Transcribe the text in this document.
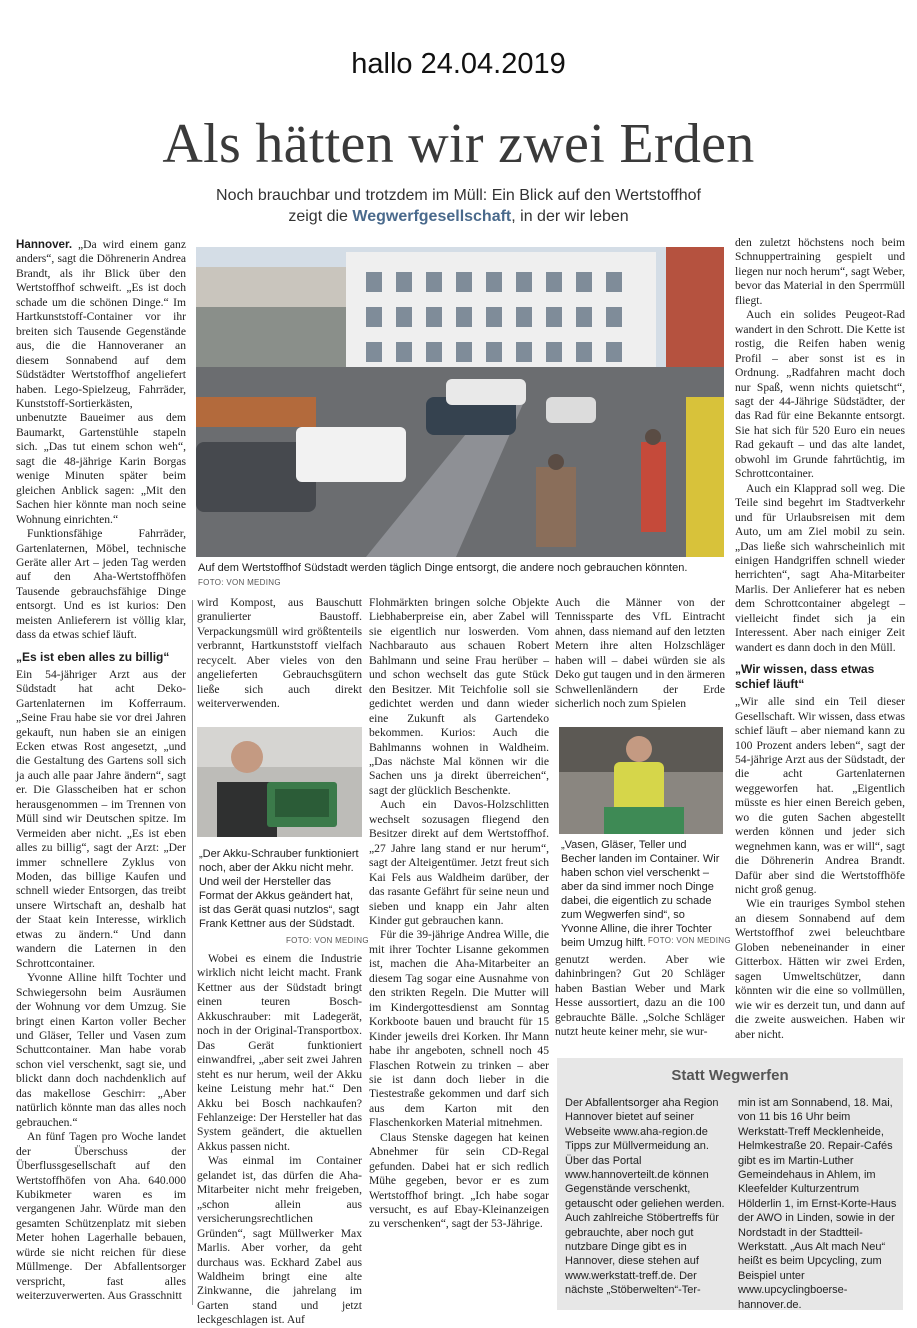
hallo 24.04.2019
Als hätten wir zwei Erden
Noch brauchbar und trotzdem im Müll: Ein Blick auf den Wertstoffhof
zeigt die Wegwerfgesellschaft, in der wir leben

Hannover. „Da wird einem ganz anders“, sagt die Döhrenerin Andrea Brandt, als ihr Blick über den Wertstoffhof schweift. „Es ist doch schade um die schönen Dinge.“ Im Hartkunststoff-Container vor ihr breiten sich Tausende Gegenstände aus, die die Hannoveraner an diesem Sonnabend auf dem Südstädter Wertstoffhof angeliefert haben. Lego-Spielzeug, Fahrräder, Kunststoff-Sortierkästen, unbenutzte Baueimer aus dem Baumarkt, Gartenstühle stapeln sich. „Das tut einem schon weh“, sagt die 48-jährige Karin Borgas wenige Minuten später beim gleichen Anblick sagen: „Mit den Sachen hier könnte man noch seine Wohnung einrichten.“

Funktionsfähige Fahrräder, Gartenlaternen, Möbel, technische Geräte aller Art – jeden Tag werden auf den Aha-Wertstoffhöfen Tausende gebrauchsfähige Dinge entsorgt. Und es ist kurios: Den meisten Anlieferern ist völlig klar, dass da etwas schief läuft.

„Es ist eben alles zu billig“

Ein 54-jähriger Arzt aus der Südstadt hat acht Deko-Gartenlaternen im Kofferraum. „Seine Frau habe sie vor drei Jahren gekauft, nun haben sie an einigen Ecken etwas Rost angesetzt, „und die Gestaltung des Gartens soll sich ja auch alle paar Jahre ändern“, sagt er. Die Glasscheiben hat er schon herausgenommen – im Trennen von Müll sind wir Deutschen spitze. Im Vermeiden aber nicht. „Es ist eben alles zu billig“, sagt der Arzt: „Der immer schnellere Zyklus von Moden, das billige Kaufen und schnell wieder Entsorgen, das treibt unsere Wirtschaft an, deshalb hat der Staat kein Interesse, wirklich etwas zu ändern.“ Und dann wandern die Laternen in den Schrottcontainer.

Yvonne Alline hilft Tochter und Schwiegersohn beim Ausräumen der Wohnung vor dem Umzug. Sie bringt einen Karton voller Becher und Gläser, Teller und Vasen zum Schuttcontainer. Man habe vorab schon viel verschenkt, sagt sie, und blickt dann doch nachdenklich auf das makellose Geschirr: „Aber natürlich könnte man das alles noch gebrauchen.“

An fünf Tagen pro Woche landet der Überschuss der Überflussgesellschaft auf den Wertstoffhöfen von Aha. 640.000 Kubikmeter waren es im vergangenen Jahr. Würde man den gesamten Schützenplatz mit sieben Meter hohen Lagerhalle bebauen, würde sie nicht reichen für diese Müllmenge. Der Abfallentsorger verspricht, fast alles weiterzuverwerten. Aus Grasschnitt

Auf dem Wertstoffhof Südstadt werden täglich Dinge entsorgt, die andere noch gebrauchen könnten.
FOTO: VON MEDING

wird Kompost, aus Bauschutt granulierter Baustoff. Verpackungsmüll wird größtenteils verbrannt, Hartkunststoff vielfach recycelt. Aber vieles von den angelieferten Gebrauchsgütern ließe sich auch direkt weiterverwenden.

„Der Akku-Schrauber funktioniert noch, aber der Akku nicht mehr. Und weil der Hersteller das Format der Akkus geändert hat, ist das Gerät quasi nutzlos“, sagt Frank Kettner aus der Südstadt.
FOTO: VON MEDING

Wobei es einem die Industrie wirklich nicht leicht macht. Frank Kettner aus der Südstadt bringt einen teuren Bosch-Akkuschrauber: mit Ladegerät, noch in der Original-Transportbox. Das Gerät funktioniert einwandfrei, „aber seit zwei Jahren steht es nur herum, weil der Akku keine Leistung mehr hat.“ Den Akku bei Bosch nachkaufen? Fehlanzeige: Der Hersteller hat das System geändert, die aktuellen Akkus passen nicht.

Was einmal im Container gelandet ist, das dürfen die Aha-Mitarbeiter nicht mehr freigeben, „schon allein aus versicherungsrechtlichen Gründen“, sagt Müllwerker Max Marlis. Aber vorher, da geht durchaus was. Eckhard Zabel aus Waldheim bringt eine alte Zinkwanne, die jahrelang im Garten stand und jetzt leckgeschlagen ist. Auf

Flohmärkten bringen solche Objekte Liebhaberpreise ein, aber Zabel will sie eigentlich nur loswerden. Vom Nachbarauto aus schauen Robert Bahlmann und seine Frau herüber – und schon wechselt das gute Stück den Besitzer. Mit Teichfolie soll sie gedichtet werden und dann wieder eine Zukunft als Gartendeko bekommen. Kurios: Auch die Bahlmanns wohnen in Waldheim. „Das nächste Mal können wir die Sachen uns ja direkt überreichen“, sagt der glücklich Beschenkte.

Auch ein Davos-Holzschlitten wechselt sozusagen fliegend den Besitzer direkt auf dem Wertstoffhof. „27 Jahre lang stand er nur herum“, sagt der Alteigentümer. Jetzt freut sich Kai Fels aus Waldheim darüber, der das rasante Gefährt für seine neun und sieben und knapp ein Jahr alten Kinder gut gebrauchen kann.

Für die 39-jährige Andrea Wille, die mit ihrer Tochter Lisanne gekommen ist, machen die Aha-Mitarbeiter an diesem Tag sogar eine Ausnahme von den strikten Regeln. Die Mutter will im Kindergottesdienst am Sonntag Korkboote bauen und braucht für 15 Kinder jeweils drei Korken. Ihr Mann habe ihr angeboten, schnell noch 45 Flaschen Rotwein zu trinken – aber sie ist dann doch lieber in die Tiestestraße gekommen und darf sich aus dem Karton mit den Flaschenkorken Material mitnehmen.

Claus Stenske dagegen hat keinen Abnehmer für sein CD-Regal gefunden. Dabei hat er sich redlich Mühe gegeben, bevor er es zum Wertstoffhof bringt. „Ich habe sogar versucht, es auf Ebay-Kleinanzeigen zu verschenken“, sagt der 53-Jährige.

Auch die Männer von der Tennissparte des VfL Eintracht ahnen, dass niemand auf den letzten Metern ihre alten Holzschläger haben will – dabei würden sie als Deko gut taugen und in den ärmeren Schwellenländern der Erde sicherlich noch zum Spielen

„Vasen, Gläser, Teller und Becher landen im Container. Wir haben schon viel verschenkt – aber da sind immer noch Dinge dabei, die eigentlich zu schade zum Wegwerfen sind“, so Yvonne Alline, die ihrer Tochter beim Umzug hilft. FOTO: VON MEDING

genutzt werden. Aber wie dahinbringen? Gut 20 Schläger haben Bastian Weber und Mark Hesse aussortiert, dazu an die 100 gebrauchte Bälle. „Solche Schläger nutzt heute keiner mehr, sie wur-

den zuletzt höchstens noch beim Schnuppertraining gespielt und liegen nur noch herum“, sagt Weber, bevor das Material in den Sperrmüll fliegt.

Auch ein solides Peugeot-Rad wandert in den Schrott. Die Kette ist rostig, die Reifen haben wenig Profil – aber sonst ist es in Ordnung. „Radfahren macht doch nur Spaß, wenn nichts quietscht“, sagt der 44-Jährige Südstädter, der das Rad für eine Bekannte entsorgt. Sie hat sich für 520 Euro ein neues Rad gekauft – und das alte landet, obwohl im Grunde fahrtüchtig, im Schrottcontainer.

Auch ein Klapprad soll weg. Die Teile sind begehrt im Stadtverkehr und für Urlaubsreisen mit dem Auto, um am Ziel mobil zu sein. „Das ließe sich wahrscheinlich mit einigen Handgriffen schnell wieder herrichten“, sagt Aha-Mitarbeiter Marlis. Der Anlieferer hat es neben dem Schrottcontainer abgelegt – vielleicht findet sich ja ein Interessent. Aber nach einiger Zeit wandert es dann doch in den Müll.

„Wir wissen, dass etwas schief läuft“

„Wir alle sind ein Teil dieser Gesellschaft. Wir wissen, dass etwas schief läuft – aber niemand kann zu 100 Prozent anders leben“, sagt der 54-jährige Arzt aus der Südstadt, der die acht Gartenlaternen weggeworfen hat. „Eigentlich müsste es hier einen Bereich geben, wo die guten Sachen abgestellt werden können und jeder sich wegnehmen kann, was er will“, sagt die Döhrenerin Andrea Brandt. Dafür aber sind die Wertstoffhöfe nicht groß genug.

Wie ein trauriges Symbol stehen an diesem Sonnabend auf dem Wertstoffhof zwei beleuchtbare Globen nebeneinander in einer Gitterbox. Hätten wir zwei Erden, sagen Umweltschützer, dann könnten wir die eine so vollmüllen, wie wir es derzeit tun, und dann auf die zweite ausweichen. Haben wir aber nicht.

Statt Wegwerfen
Der Abfallentsorger aha Region Hannover bietet auf seiner Webseite www.aha-region.de Tipps zur Müllvermeidung an. Über das Portal www.hannoverteilt.de können Gegenstände verschenkt, getauscht oder geliehen werden. Auch zahlreiche Stöbertreffs für gebrauchte, aber noch gut nutzbare Dinge gibt es in Hannover, diese stehen auf www.werkstatt-treff.de. Der nächste „Stöberwelten“-Ter-
min ist am Sonnabend, 18. Mai, von 11 bis 16 Uhr beim Werkstatt-Treff Mecklenheide, Helmkestraße 20. Repair-Cafés gibt es im Martin-Luther Gemeindehaus in Ahlem, im Kleefelder Kulturzentrum Hölderlin 1, im Ernst-Korte-Haus der AWO in Linden, sowie in der Nordstadt in der Stadtteil-Werkstatt. „Aus Alt mach Neu“ heißt es beim Upcycling, zum Beispiel unter www.upcyclingboerse-hannover.de.
